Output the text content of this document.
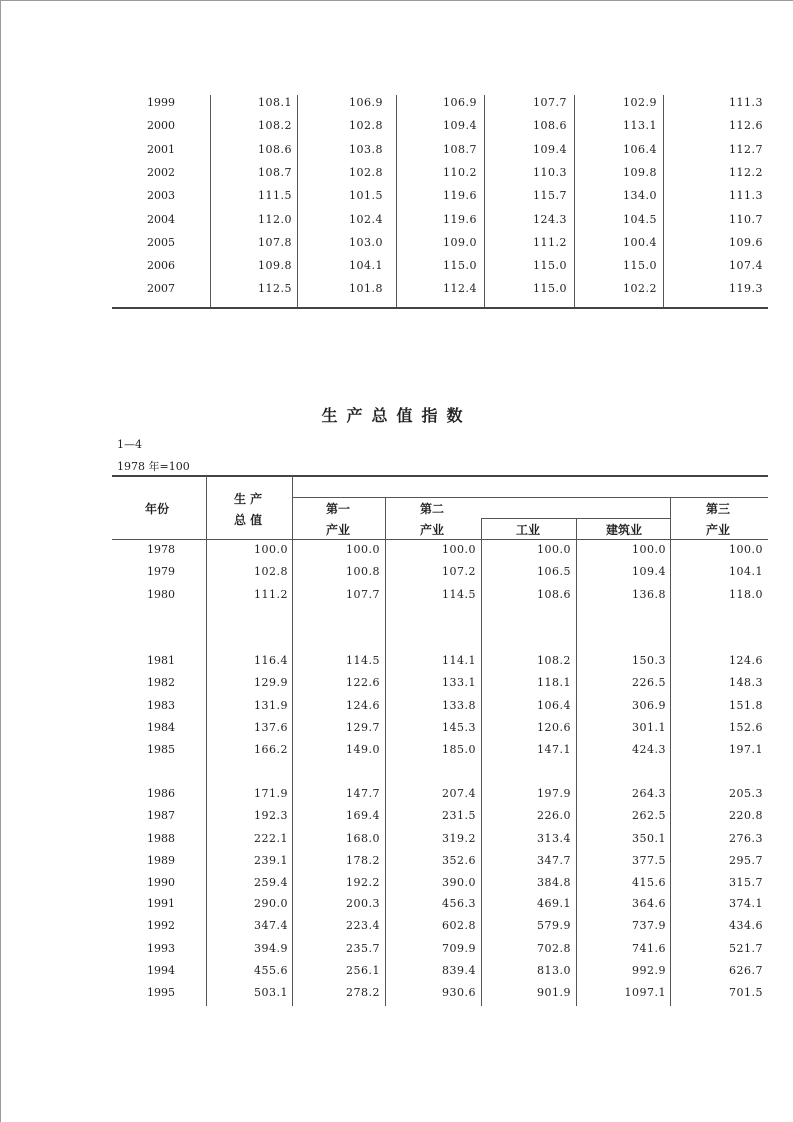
1999	108.1	106.9	106.9	107.7	102.9	111.3
2000	108.2	102.8	109.4	108.6	113.1	112.6
2001	108.6	103.8	108.7	109.4	106.4	112.7
2002	108.7	102.8	110.2	110.3	109.8	112.2
2003	111.5	101.5	119.6	115.7	134.0	111.3
2004	112.0	102.4	119.6	124.3	104.5	110.7
2005	107.8	103.0	109.0	111.2	100.4	109.6
2006	109.8	104.1	115.0	115.0	115.0	107.4
2007	112.5	101.8	112.4	115.0	102.2	119.3
生产总值指数
1—4
1978 年=100
年份
生 产
总 值
第一
产业
第二
产业	工业	建筑业
第三
产业
1978	100.0	100.0	100.0	100.0	100.0	100.0
1979	102.8	100.8	107.2	106.5	109.4	104.1
1980	111.2	107.7	114.5	108.6	136.8	118.0
1981	116.4	114.5	114.1	108.2	150.3	124.6
1982	129.9	122.6	133.1	118.1	226.5	148.3
1983	131.9	124.6	133.8	106.4	306.9	151.8
1984	137.6	129.7	145.3	120.6	301.1	152.6
1985	166.2	149.0	185.0	147.1	424.3	197.1
1986	171.9	147.7	207.4	197.9	264.3	205.3
1987	192.3	169.4	231.5	226.0	262.5	220.8
1988	222.1	168.0	319.2	313.4	350.1	276.3
1989	239.1	178.2	352.6	347.7	377.5	295.7
1990	259.4	192.2	390.0	384.8	415.6	315.7
1991	290.0	200.3	456.3	469.1	364.6	374.1
1992	347.4	223.4	602.8	579.9	737.9	434.6
1993	394.9	235.7	709.9	702.8	741.6	521.7
1994	455.6	256.1	839.4	813.0	992.9	626.7
1995	503.1	278.2	930.6	901.9	1097.1	701.5
